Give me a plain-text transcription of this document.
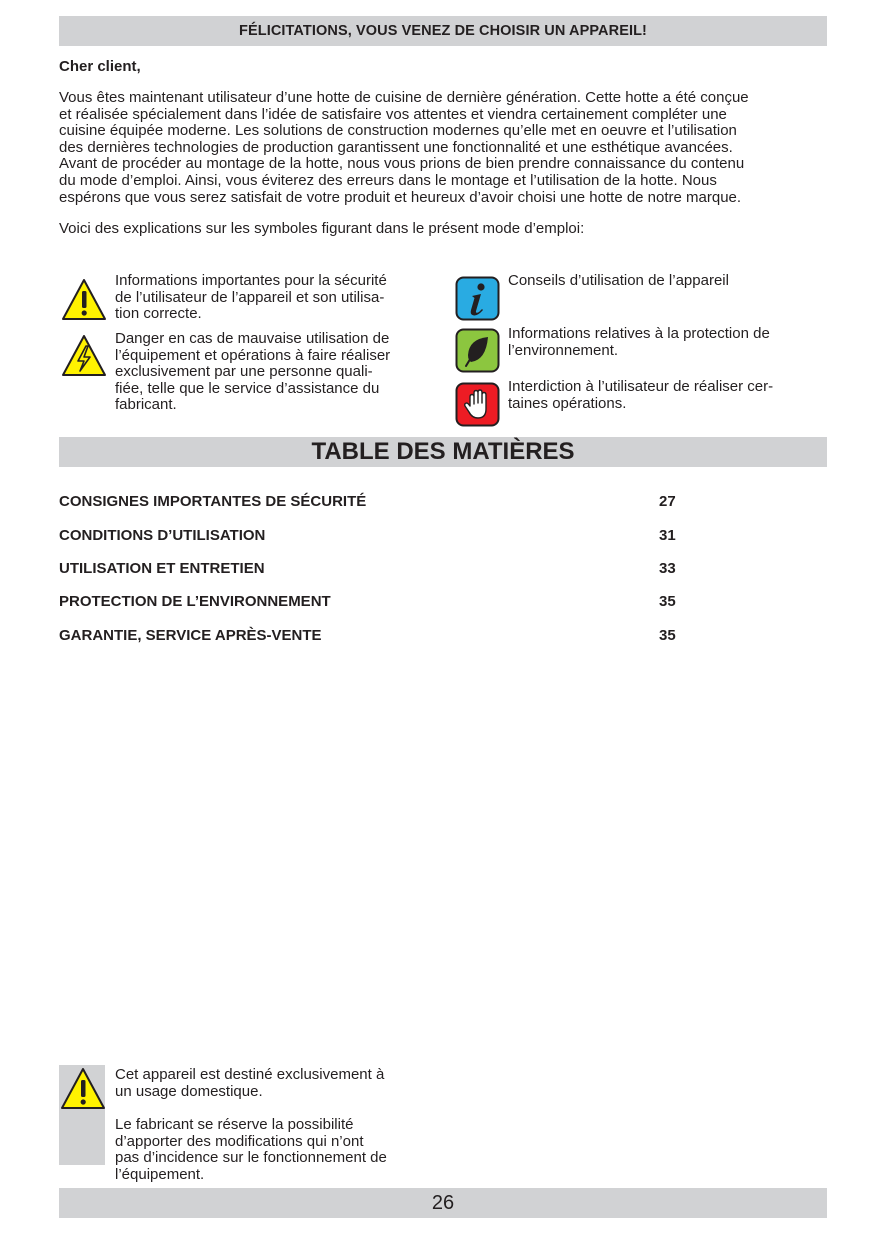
FÉLICITATIONS, VOUS VENEZ DE CHOISIR UN APPAREIL!
Cher client,

Vous êtes maintenant utilisateur d’une hotte de cuisine de dernière génération. Cette hotte a été conçue
et réalisée spécialement dans l’idée de satisfaire vos attentes et viendra certainement compléter une
cuisine équipée moderne. Les solutions de construction modernes qu’elle met en oeuvre et l’utilisation
des dernières technologies de production garantissent une fonctionnalité et une esthétique avancées.
Avant de procéder au montage de la hotte, nous vous prions de bien prendre connaissance du contenu
du mode d’emploi. Ainsi, vous éviterez des erreurs dans le montage et l’utilisation de la hotte. Nous
espérons que vous serez satisfait de votre produit et heureux d’avoir choisi une hotte de notre marque.

Voici des explications sur les symboles figurant dans le présent mode d’emploi:

Informations importantes pour la sécurité
de l’utilisateur de l’appareil et son utilisa-
tion correcte.

Danger en cas de mauvaise utilisation de
l’équipement et opérations à faire réaliser
exclusivement par une personne quali-
fiée, telle que le service d’assistance du
fabricant.

Conseils d’utilisation de l’appareil

Informations relatives à la protection de
l’environnement.

Interdiction à l’utilisateur de réaliser cer-
taines opérations.

TABLE DES MATIÈRES
CONSIGNES IMPORTANTES DE SÉCURITÉ	27
CONDITIONS D’UTILISATION	31
UTILISATION ET ENTRETIEN	33
PROTECTION DE L’ENVIRONNEMENT	35
GARANTIE, SERVICE APRÈS-VENTE	35

Cet appareil est destiné exclusivement à
un usage domestique.

Le fabricant se réserve la possibilité
d’apporter des modifications qui n’ont
pas d’incidence sur le fonctionnement de
l’équipement.

26
